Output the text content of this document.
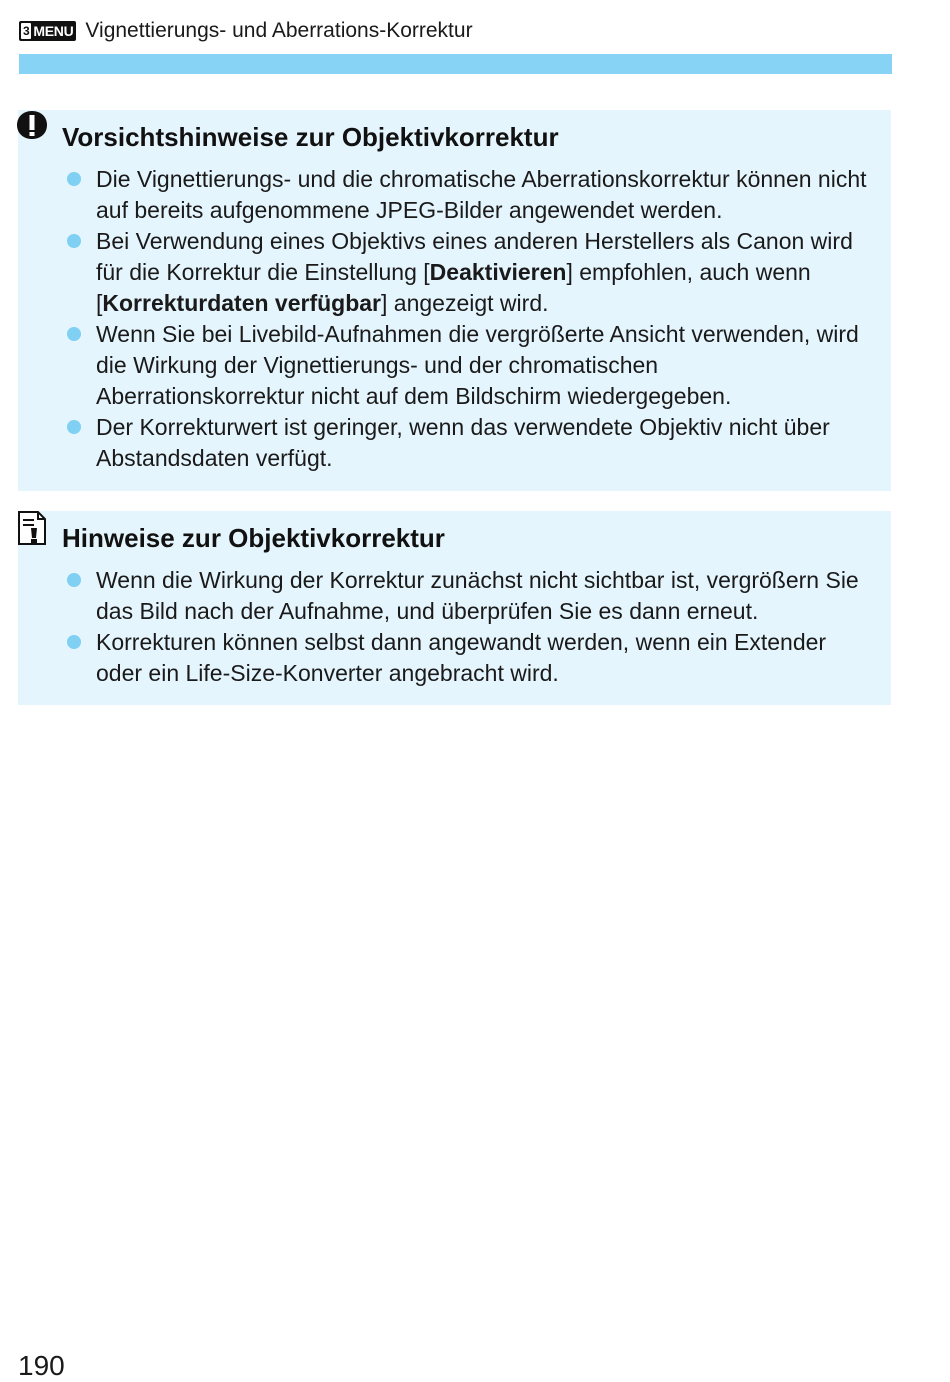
3 MENU Vignettierungs- und Aberrations-Korrektur
Vorsichtshinweise zur Objektivkorrektur
Die Vignettierungs- und die chromatische Aberrationskorrektur können nicht auf bereits aufgenommene JPEG-Bilder angewendet werden.
Bei Verwendung eines Objektivs eines anderen Herstellers als Canon wird für die Korrektur die Einstellung [Deaktivieren] empfohlen, auch wenn [Korrekturdaten verfügbar] angezeigt wird.
Wenn Sie bei Livebild-Aufnahmen die vergrößerte Ansicht verwenden, wird die Wirkung der Vignettierungs- und der chromatischen Aberrationskorrektur nicht auf dem Bildschirm wiedergegeben.
Der Korrekturwert ist geringer, wenn das verwendete Objektiv nicht über Abstandsdaten verfügt.
Hinweise zur Objektivkorrektur
Wenn die Wirkung der Korrektur zunächst nicht sichtbar ist, vergrößern Sie das Bild nach der Aufnahme, und überprüfen Sie es dann erneut.
Korrekturen können selbst dann angewandt werden, wenn ein Extender oder ein Life-Size-Konverter angebracht wird.
190
